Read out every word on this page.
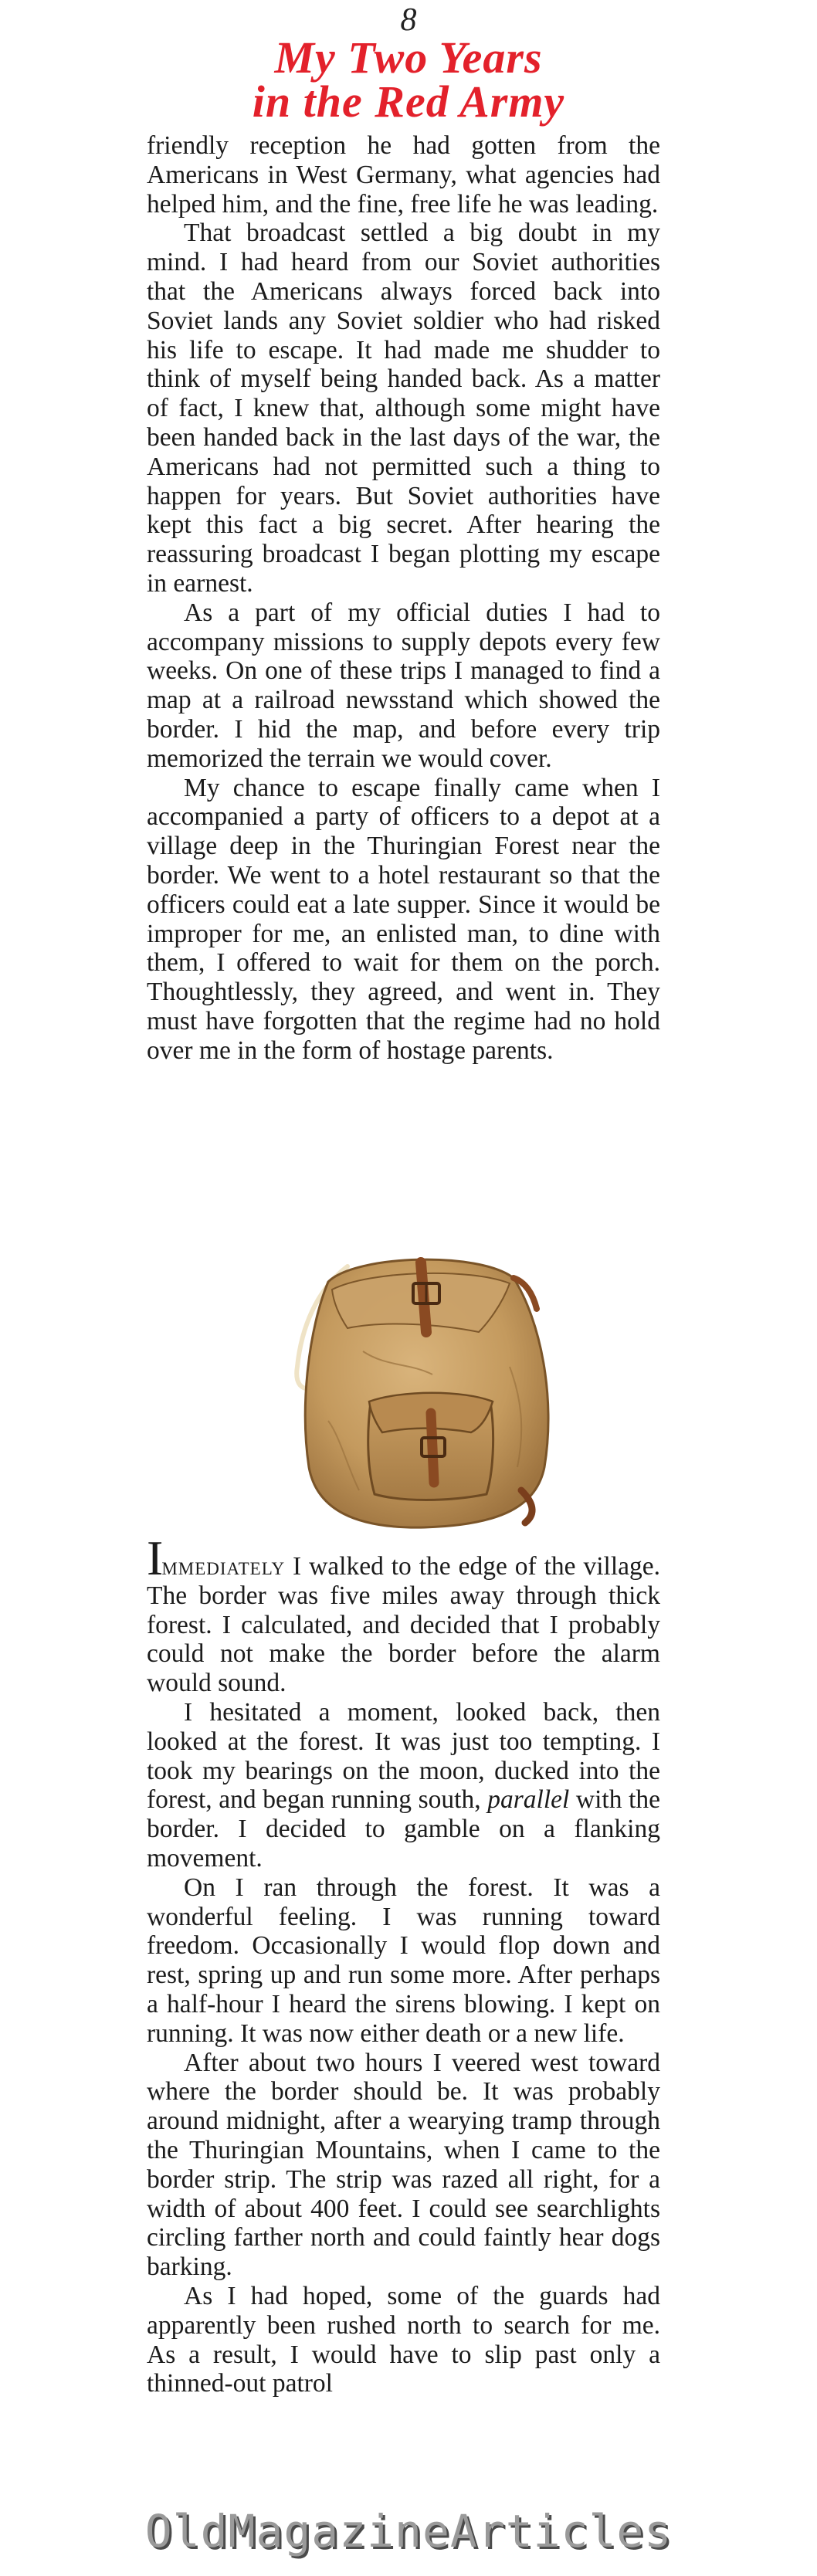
8
My Two Years
in the Red Army

friendly reception he had gotten from the Americans in West Germany, what agencies had helped him, and the fine, free life he was leading.

That broadcast settled a big doubt in my mind. I had heard from our Soviet authorities that the Americans always forced back into Soviet lands any Soviet soldier who had risked his life to escape. It had made me shudder to think of myself being handed back. As a matter of fact, I knew that, although some might have been handed back in the last days of the war, the Americans had not permitted such a thing to happen for years. But Soviet authorities have kept this fact a big secret. After hearing the reassuring broadcast I began plotting my escape in earnest.

As a part of my official duties I had to accompany missions to supply depots every few weeks. On one of these trips I managed to find a map at a railroad newsstand which showed the border. I hid the map, and before every trip memorized the terrain we would cover.

My chance to escape finally came when I accompanied a party of officers to a depot at a village deep in the Thuringian Forest near the border. We went to a hotel restaurant so that the officers could eat a late supper. Since it would be improper for me, an enlisted man, to dine with them, I offered to wait for them on the porch. Thoughtlessly, they agreed, and went in. They must have forgotten that the regime had no hold over me in the form of hostage parents.

Immediately I walked to the edge of the village. The border was five miles away through thick forest. I calculated, and decided that I probably could not make the border before the alarm would sound.

I hesitated a moment, looked back, then looked at the forest. It was just too tempting. I took my bearings on the moon, ducked into the forest, and began running south, parallel with the border. I decided to gamble on a flanking movement.

On I ran through the forest. It was a wonderful feeling. I was running toward freedom. Occasionally I would flop down and rest, spring up and run some more. After perhaps a half-hour I heard the sirens blowing. I kept on running. It was now either death or a new life.

After about two hours I veered west toward where the border should be. It was probably around midnight, after a wearying tramp through the Thuringian Mountains, when I came to the border strip. The strip was razed all right, for a width of about 400 feet. I could see searchlights circling farther north and could faintly hear dogs barking.

As I had hoped, some of the guards had apparently been rushed north to search for me. As a result, I would have to slip past only a thinned-out patrol

OldMagazineArticles
